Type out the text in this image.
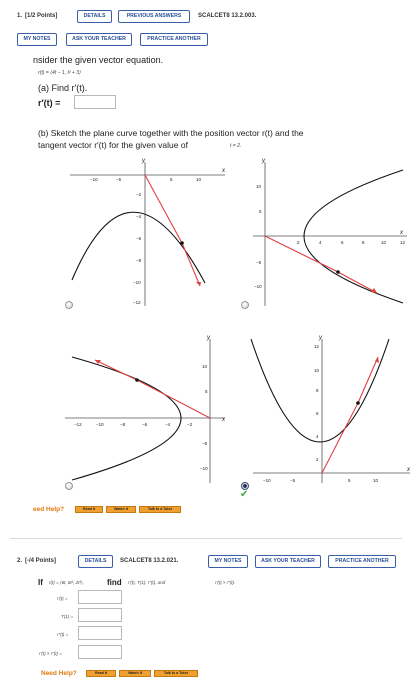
1. [1/2 Points]	DETAILS	PREVIOUS ANSWERS	SCALCET8 13.2.003.
MY NOTES	ASK YOUR TEACHER	PRACTICE ANOTHER
nsider the given vector equation.
r(t) = ⟨4t − 1, t² + 3⟩
(a) Find r′(t).
r′(t) =
(b) Sketch the plane curve together with the position vector r(t) and the
tangent vector r′(t) for the given value of	t = 2.
x
y
−10	−5	5	10
−2
−4
−6
−8
−10
−12
x
y
2	4	6	8	10	12
10
5
−5
−10
x
y
−12	−10	−8	−6	−4	−2
10
5
−5
−10	x
y
−10	−5	5	10
12
10
8
6
4
2
✔
eed Help?	Read It	Watch It	Talk to a Tutor
2. [-/4 Points]	DETAILS	SCALCET8 13.2.021.	MY NOTES	ASK YOUR TEACHER	PRACTICE ANOTHER
If r(t) = ⟨6t, 6t², 2t³⟩,	find r′(t), T(1), r″(t), and	r′(t) × r″(t).
r′(t) =
T(1) =
r″(t) =
r′(t) × r″(t) =
Need Help?	Read It	Watch It	Talk to a Tutor
